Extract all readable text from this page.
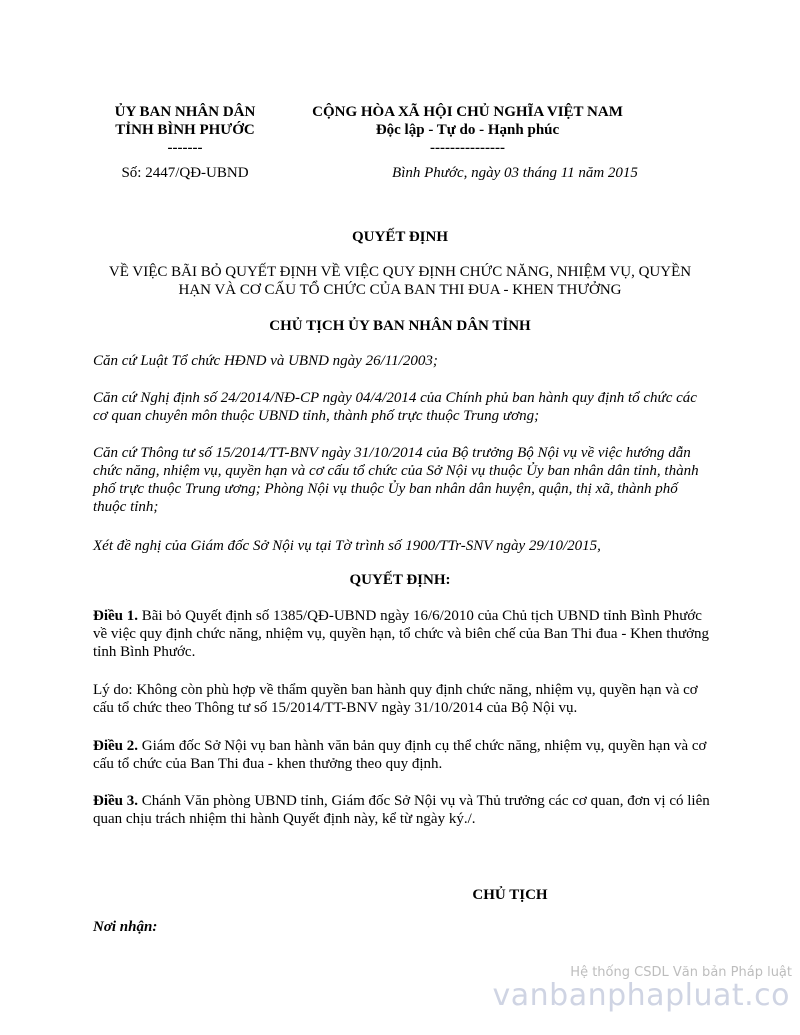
ỦY BAN NHÂN DÂN
TỈNH BÌNH PHƯỚC
-------
Số: 2447/QĐ-UBND
CỘNG HÒA XÃ HỘI CHỦ NGHĨA VIỆT NAM
Độc lập - Tự do - Hạnh phúc
---------------
Bình Phước, ngày 03 tháng 11 năm 2015
QUYẾT ĐỊNH
VỀ VIỆC BÃI BỎ QUYẾT ĐỊNH VỀ VIỆC QUY ĐỊNH CHỨC NĂNG, NHIỆM VỤ, QUYỀN
HẠN VÀ CƠ CẤU TỔ CHỨC CỦA BAN THI ĐUA - KHEN THƯỞNG
CHỦ TỊCH ỦY BAN NHÂN DÂN TỈNH
Căn cứ Luật Tổ chức HĐND và UBND ngày 26/11/2003;
Căn cứ Nghị định số 24/2014/NĐ-CP ngày 04/4/2014 của Chính phủ ban hành quy định tổ chức các cơ quan chuyên môn thuộc UBND tỉnh, thành phố trực thuộc Trung ương;
Căn cứ Thông tư số 15/2014/TT-BNV ngày 31/10/2014 của Bộ trưởng Bộ Nội vụ về việc hướng dẫn chức năng, nhiệm vụ, quyền hạn và cơ cấu tổ chức của Sở Nội vụ thuộc Ủy ban nhân dân tỉnh, thành phố trực thuộc Trung ương; Phòng Nội vụ thuộc Ủy ban nhân dân huyện, quận, thị xã, thành phố thuộc tỉnh;
Xét đề nghị của Giám đốc Sở Nội vụ tại Tờ trình số 1900/TTr-SNV ngày 29/10/2015,
QUYẾT ĐỊNH:
Điều 1. Bãi bỏ Quyết định số 1385/QĐ-UBND ngày 16/6/2010 của Chủ tịch UBND tỉnh Bình Phước về việc quy định chức năng, nhiệm vụ, quyền hạn, tổ chức và biên chế của Ban Thi đua - Khen thưởng tỉnh Bình Phước.
Lý do: Không còn phù hợp về thẩm quyền ban hành quy định chức năng, nhiệm vụ, quyền hạn và cơ cấu tổ chức theo Thông tư số 15/2014/TT-BNV ngày 31/10/2014 của Bộ Nội vụ.
Điều 2. Giám đốc Sở Nội vụ ban hành văn bản quy định cụ thể chức năng, nhiệm vụ, quyền hạn và cơ cấu tổ chức của Ban Thi đua - khen thưởng theo quy định.
Điều 3. Chánh Văn phòng UBND tỉnh, Giám đốc Sở Nội vụ và Thủ trưởng các cơ quan, đơn vị có liên quan chịu trách nhiệm thi hành Quyết định này, kể từ ngày ký./.
CHỦ TỊCH
Nơi nhận:
Hệ thống CSDL Văn bản Pháp luật
vanbanphapluat.co
